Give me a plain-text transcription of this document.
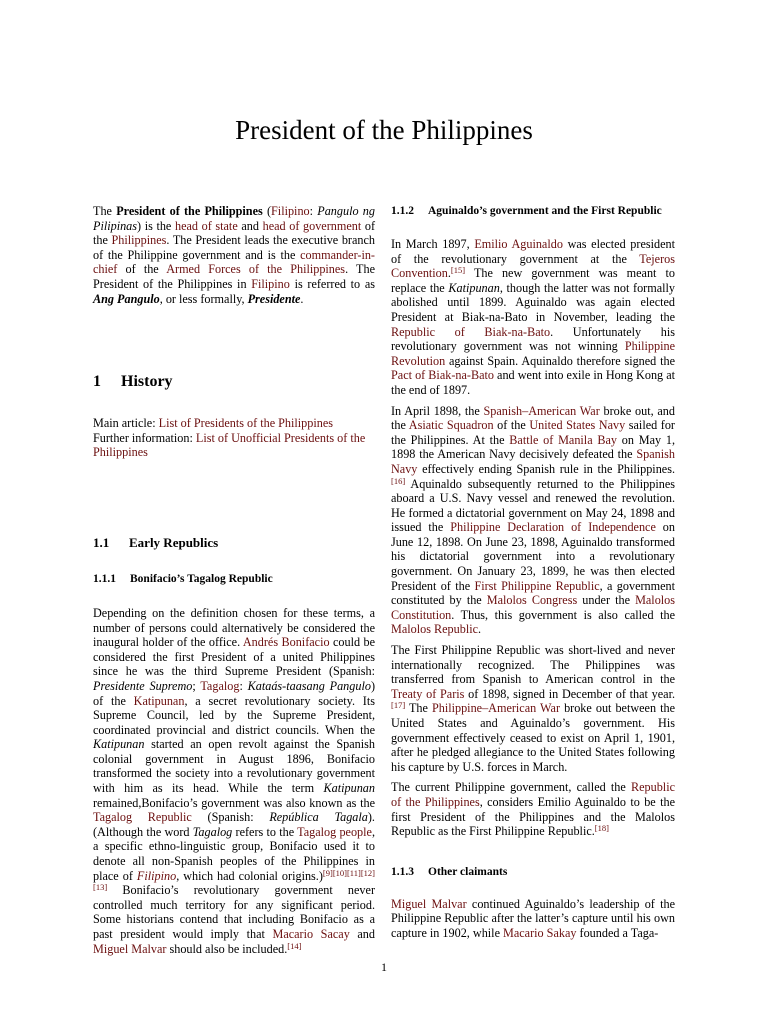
President of the Philippines

The President of the Philippines (Filipino: Pangulo ng Pilipinas) is the head of state and head of government of the Philippines. The President leads the executive branch of the Philippine government and is the commander-in-chief of the Armed Forces of the Philippines. The President of the Philippines in Filipino is referred to as Ang Pangulo, or less formally, Presidente.

1 History

Main article: List of Presidents of the Philippines

Further information: List of Unofficial Presidents of the Philippines

1.1 Early Republics
1.1.1	Bonifacio’s Tagalog Republic

Depending on the definition chosen for these terms, a number of persons could alternatively be considered the inaugural holder of the office. Andrés Bonifacio could be considered the first President of a united Philippines since he was the third Supreme President (Spanish: Presidente Supremo; Tagalog: Kataás-taasang Pangulo) of the Katipunan, a secret revolutionary society. Its Supreme Council, led by the Supreme President, coordinated provincial and district councils. When the Katipunan started an open revolt against the Spanish colonial government in August 1896, Bonifacio transformed the society into a revolutionary government with him as its head. While the term Katipunan remained,Bonifacio’s government was also known as the Tagalog Republic (Spanish: República Tagala). (Although the word Tagalog refers to the Tagalog people, a specific ethno-linguistic group, Bonifacio used it to denote all non-Spanish peoples of the Philippines in place of Filipino, which had colonial origins.)[9][10][11][12][13] Bonifacio’s revolutionary government never controlled much territory for any significant period. Some historians contend that including Bonifacio as a past president would imply that Macario Sacay and Miguel Malvar should also be included.[14]

1.1.2	Aguinaldo’s government and the First Republic

In March 1897, Emilio Aguinaldo was elected president of the revolutionary government at the Tejeros Convention.[15] The new government was meant to replace the Katipunan, though the latter was not formally abolished until 1899. Aguinaldo was again elected President at Biak-na-Bato in November, leading the Republic of Biak-na-Bato. Unfortunately his revolutionary government was not winning Philippine Revolution against Spain. Aquinaldo therefore signed the Pact of Biak-na-Bato and went into exile in Hong Kong at the end of 1897.

In April 1898, the Spanish–American War broke out, and the Asiatic Squadron of the United States Navy sailed for the Philippines. At the Battle of Manila Bay on May 1, 1898 the American Navy decisively defeated the Spanish Navy effectively ending Spanish rule in the Philippines.[16] Aquinaldo subsequently returned to the Philippines aboard a U.S. Navy vessel and renewed the revolution. He formed a dictatorial government on May 24, 1898 and issued the Philippine Declaration of Independence on June 12, 1898. On June 23, 1898, Aguinaldo transformed his dictatorial government into a revolutionary government. On January 23, 1899, he was then elected President of the First Philippine Republic, a government constituted by the Malolos Congress under the Malolos Constitution. Thus, this government is also called the Malolos Republic.

The First Philippine Republic was short-lived and never internationally recognized. The Philippines was transferred from Spanish to American control in the Treaty of Paris of 1898, signed in December of that year.[17] The Philippine–American War broke out between the United States and Aguinaldo’s government. His government effectively ceased to exist on April 1, 1901, after he pledged allegiance to the United States following his capture by U.S. forces in March.

The current Philippine government, called the Republic of the Philippines, considers Emilio Aguinaldo to be the first President of the Philippines and the Malolos Republic as the First Philippine Republic.[18]

1.1.3	Other claimants

Miguel Malvar continued Aguinaldo’s leadership of the Philippine Republic after the latter’s capture until his own capture in 1902, while Macario Sakay founded a Taga-

1
